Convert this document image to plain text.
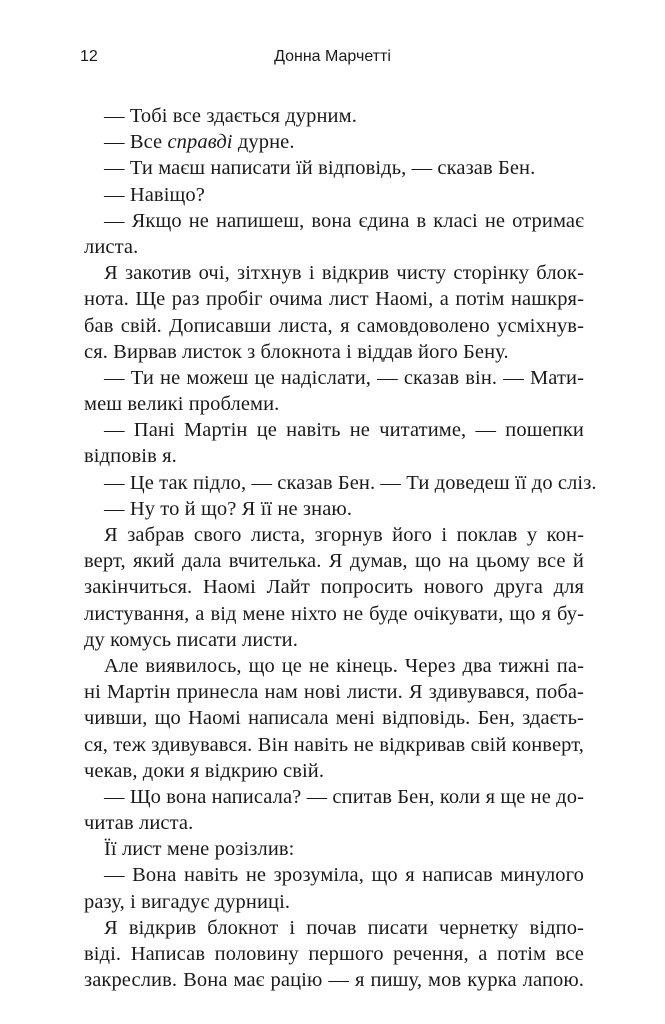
12	Донна Марчетті
— Тобі все здається дурним.
— Все справді дурне.
— Ти маєш написати їй відповідь, — сказав Бен.
— Навіщо?
— Якщо не напишеш, вона єдина в класі не отримає
листа.
Я закотив очі, зітхнув і відкрив чисту сторінку блок-
нота. Ще раз пробіг очима лист Наомі, а потім нашкря-
бав свій. Дописавши листа, я самовдоволено усміхнув-
ся. Вирвав листок з блокнота і віддав його Бену.
— Ти не можеш це надіслати, — сказав він. — Мати-
меш великі проблеми.
— Пані Мартін це навіть не читатиме, — пошепки
відповів я.
— Це так підло, — сказав Бен. — Ти доведеш її до сліз.
— Ну то й що? Я її не знаю.
Я забрав свого листа, згорнув його і поклав у кон-
верт, який дала вчителька. Я думав, що на цьому все й
закінчиться. Наомі Лайт попросить нового друга для
листування, а від мене ніхто не буде очікувати, що я бу-
ду комусь писати листи.
Але виявилось, що це не кінець. Через два тижні па-
ні Мартін принесла нам нові листи. Я здивувався, поба-
чивши, що Наомі написала мені відповідь. Бен, здаєть-
ся, теж здивувався. Він навіть не відкривав свій конверт,
чекав, доки я відкрию свій.
— Що вона написала? — спитав Бен, коли я ще не до-
читав листа.
Її лист мене розізлив:
— Вона навіть не зрозуміла, що я написав минулого
разу, і вигадує дурниці.
Я відкрив блокнот і почав писати чернетку відпо-
віді. Написав половину першого речення, а потім все
закреслив. Вона має рацію — я пишу, мов курка лапою.
